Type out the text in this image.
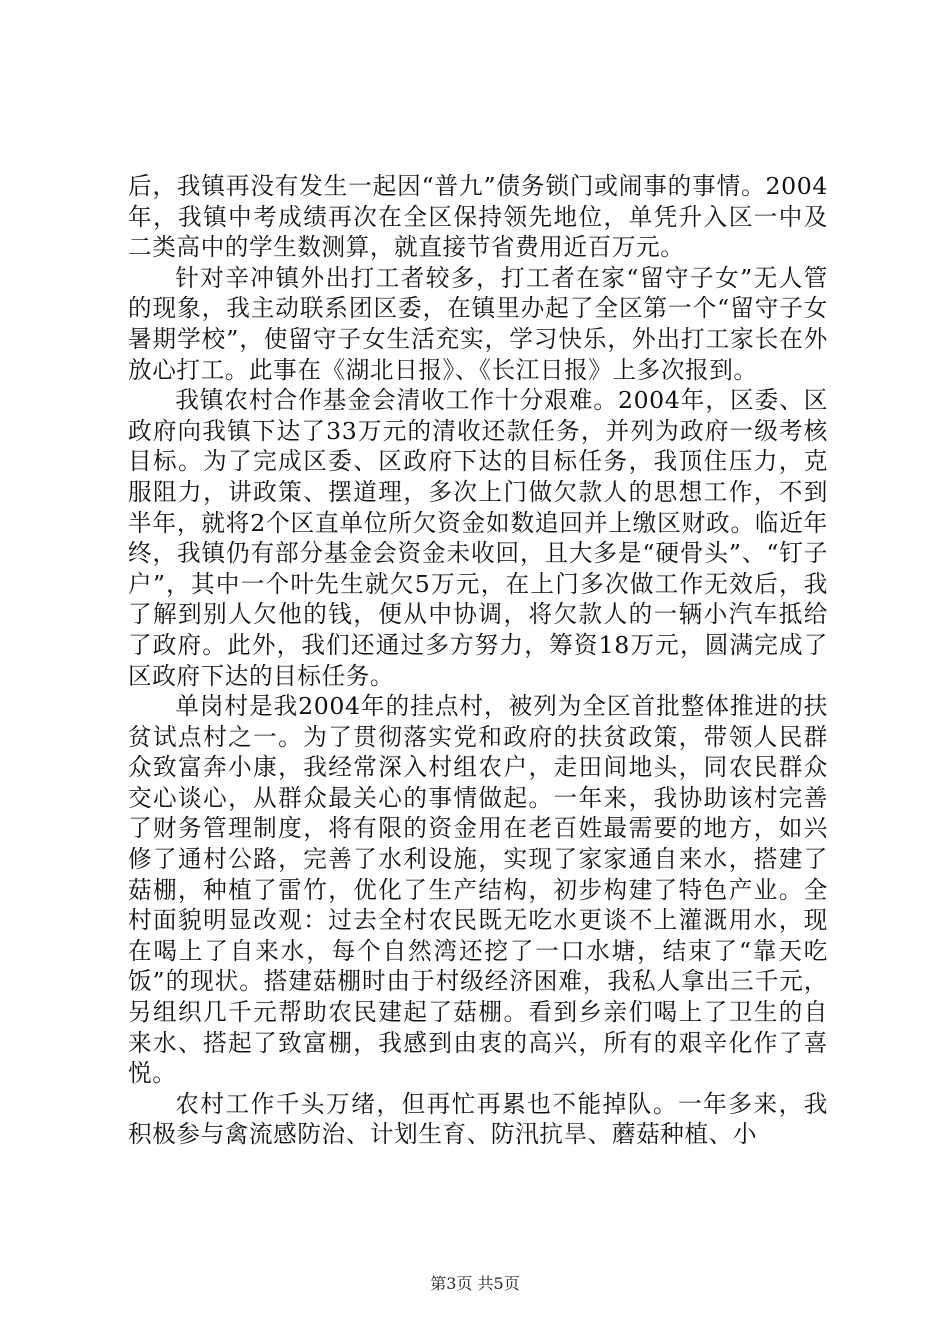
后，我镇再没有发生一起因“普九”债务锁门或闹事的事情。2004年，我镇中考成绩再次在全区保持领先地位，单凭升入区一中及二类高中的学生数测算，就直接节省费用近百万元。

针对辛冲镇外出打工者较多，打工者在家“留守子女”无人管的现象，我主动联系团区委，在镇里办起了全区第一个“留守子女暑期学校”，使留守子女生活充实，学习快乐，外出打工家长在外放心打工。此事在《湖北日报》、《长江日报》上多次报到。

我镇农村合作基金会清收工作十分艰难。2004年，区委、区政府向我镇下达了33万元的清收还款任务，并列为政府一级考核目标。为了完成区委、区政府下达的目标任务，我顶住压力，克服阻力，讲政策、摆道理，多次上门做欠款人的思想工作，不到半年，就将2个区直单位所欠资金如数追回并上缴区财政。临近年终，我镇仍有部分基金会资金未收回，且大多是“硬骨头”、“钉子户”，其中一个叶先生就欠5万元，在上门多次做工作无效后，我了解到别人欠他的钱，便从中协调，将欠款人的一辆小汽车抵给了政府。此外，我们还通过多方努力，筹资18万元，圆满完成了区政府下达的目标任务。

单岗村是我2004年的挂点村，被列为全区首批整体推进的扶贫试点村之一。为了贯彻落实党和政府的扶贫政策，带领人民群众致富奔小康，我经常深入村组农户，走田间地头，同农民群众交心谈心，从群众最关心的事情做起。一年来，我协助该村完善了财务管理制度，将有限的资金用在老百姓最需要的地方，如兴修了通村公路，完善了水利设施，实现了家家通自来水，搭建了菇棚，种植了雷竹，优化了生产结构，初步构建了特色产业。全村面貌明显改观：过去全村农民既无吃水更谈不上灌溉用水，现在喝上了自来水，每个自然湾还挖了一口水塘，结束了“靠天吃饭”的现状。搭建菇棚时由于村级经济困难，我私人拿出三千元，另组织几千元帮助农民建起了菇棚。看到乡亲们喝上了卫生的自来水、搭起了致富棚，我感到由衷的高兴，所有的艰辛化作了喜悦。

农村工作千头万绪，但再忙再累也不能掉队。一年多来，我积极参与禽流感防治、计划生育、防汛抗旱、蘑菇种植、小

第3页 共5页
